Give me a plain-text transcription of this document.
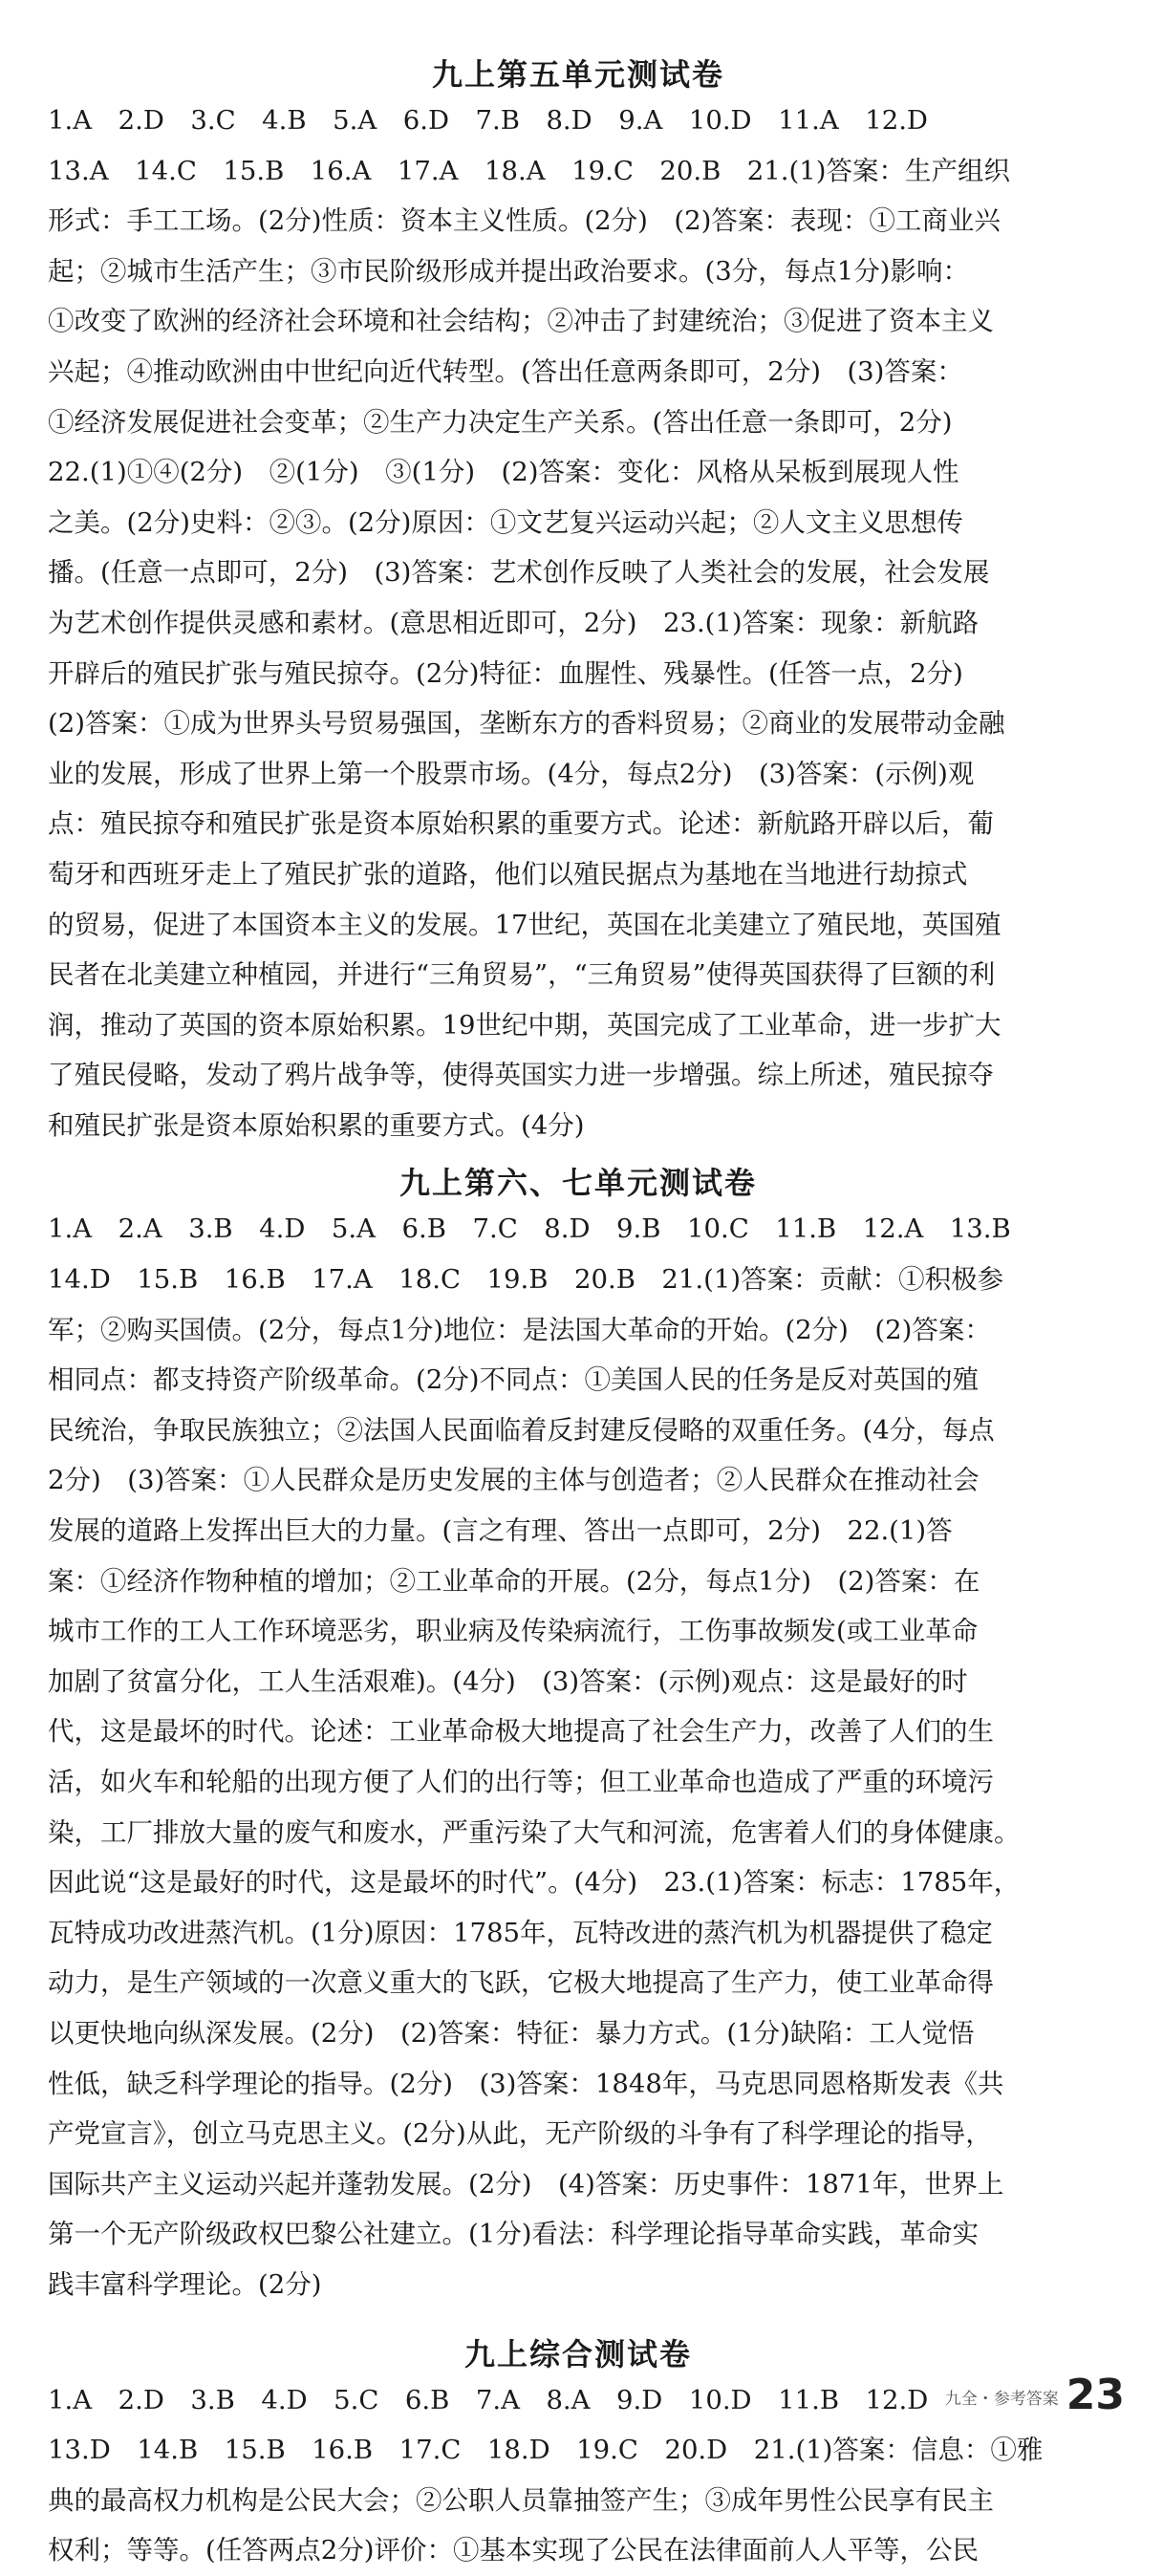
九上第五单元测试卷

1.A　2.D　3.C　4.B　5.A　6.D　7.B　8.D　9.A　10.D　11.A　12.D

13.A　14.C　15.B　16.A　17.A　18.A　19.C　20.B　21.(1)答案：生产组织

形式：手工工场。(2分)性质：资本主义性质。(2分)　(2)答案：表现：①工商业兴

起；②城市生活产生；③市民阶级形成并提出政治要求。(3分，每点1分)影响：

①改变了欧洲的经济社会环境和社会结构；②冲击了封建统治；③促进了资本主义

兴起；④推动欧洲由中世纪向近代转型。(答出任意两条即可，2分)　(3)答案：

①经济发展促进社会变革；②生产力决定生产关系。(答出任意一条即可，2分)

22.(1)①④(2分)　②(1分)　③(1分)　(2)答案：变化：风格从呆板到展现人性

之美。(2分)史料：②③。(2分)原因：①文艺复兴运动兴起；②人文主义思想传

播。(任意一点即可，2分)　(3)答案：艺术创作反映了人类社会的发展，社会发展

为艺术创作提供灵感和素材。(意思相近即可，2分)　23.(1)答案：现象：新航路

开辟后的殖民扩张与殖民掠夺。(2分)特征：血腥性、残暴性。(任答一点，2分)

(2)答案：①成为世界头号贸易强国，垄断东方的香料贸易；②商业的发展带动金融

业的发展，形成了世界上第一个股票市场。(4分，每点2分)　(3)答案：(示例)观

点：殖民掠夺和殖民扩张是资本原始积累的重要方式。论述：新航路开辟以后，葡

萄牙和西班牙走上了殖民扩张的道路，他们以殖民据点为基地在当地进行劫掠式

的贸易，促进了本国资本主义的发展。17世纪，英国在北美建立了殖民地，英国殖

民者在北美建立种植园，并进行“三角贸易”，“三角贸易”使得英国获得了巨额的利

润，推动了英国的资本原始积累。19世纪中期，英国完成了工业革命，进一步扩大

了殖民侵略，发动了鸦片战争等，使得英国实力进一步增强。综上所述，殖民掠夺

和殖民扩张是资本原始积累的重要方式。(4分)

九上第六、七单元测试卷

1.A　2.A　3.B　4.D　5.A　6.B　7.C　8.D　9.B　10.C　11.B　12.A　13.B

14.D　15.B　16.B　17.A　18.C　19.B　20.B　21.(1)答案：贡献：①积极参

军；②购买国债。(2分，每点1分)地位：是法国大革命的开始。(2分)　(2)答案：

相同点：都支持资产阶级革命。(2分)不同点：①美国人民的任务是反对英国的殖

民统治，争取民族独立；②法国人民面临着反封建反侵略的双重任务。(4分，每点

2分)　(3)答案：①人民群众是历史发展的主体与创造者；②人民群众在推动社会

发展的道路上发挥出巨大的力量。(言之有理、答出一点即可，2分)　22.(1)答

案：①经济作物种植的增加；②工业革命的开展。(2分，每点1分)　(2)答案：在

城市工作的工人工作环境恶劣，职业病及传染病流行，工伤事故频发(或工业革命

加剧了贫富分化，工人生活艰难)。(4分)　(3)答案：(示例)观点：这是最好的时

代，这是最坏的时代。论述：工业革命极大地提高了社会生产力，改善了人们的生

活，如火车和轮船的出现方便了人们的出行等；但工业革命也造成了严重的环境污

染，工厂排放大量的废气和废水，严重污染了大气和河流，危害着人们的身体健康。

因此说“这是最好的时代，这是最坏的时代”。(4分)　23.(1)答案：标志：1785年，

瓦特成功改进蒸汽机。(1分)原因：1785年，瓦特改进的蒸汽机为机器提供了稳定

动力，是生产领域的一次意义重大的飞跃，它极大地提高了生产力，使工业革命得

以更快地向纵深发展。(2分)　(2)答案：特征：暴力方式。(1分)缺陷：工人觉悟

性低，缺乏科学理论的指导。(2分)　(3)答案：1848年，马克思同恩格斯发表《共

产党宣言》，创立马克思主义。(2分)从此，无产阶级的斗争有了科学理论的指导，

国际共产主义运动兴起并蓬勃发展。(2分)　(4)答案：历史事件：1871年，世界上

第一个无产阶级政权巴黎公社建立。(1分)看法：科学理论指导革命实践，革命实

践丰富科学理论。(2分)

九上综合测试卷

1.A　2.D　3.B　4.D　5.C　6.B　7.A　8.A　9.D　10.D　11.B　12.D

13.D　14.B　15.B　16.B　17.C　18.D　19.C　20.D　21.(1)答案：信息：①雅

典的最高权力机构是公民大会；②公职人员靠抽签产生；③成年男性公民享有民主

权利；等等。(任答两点2分)评价：①基本实现了公民在法律面前人人平等，公民

九全・参考答案 23
